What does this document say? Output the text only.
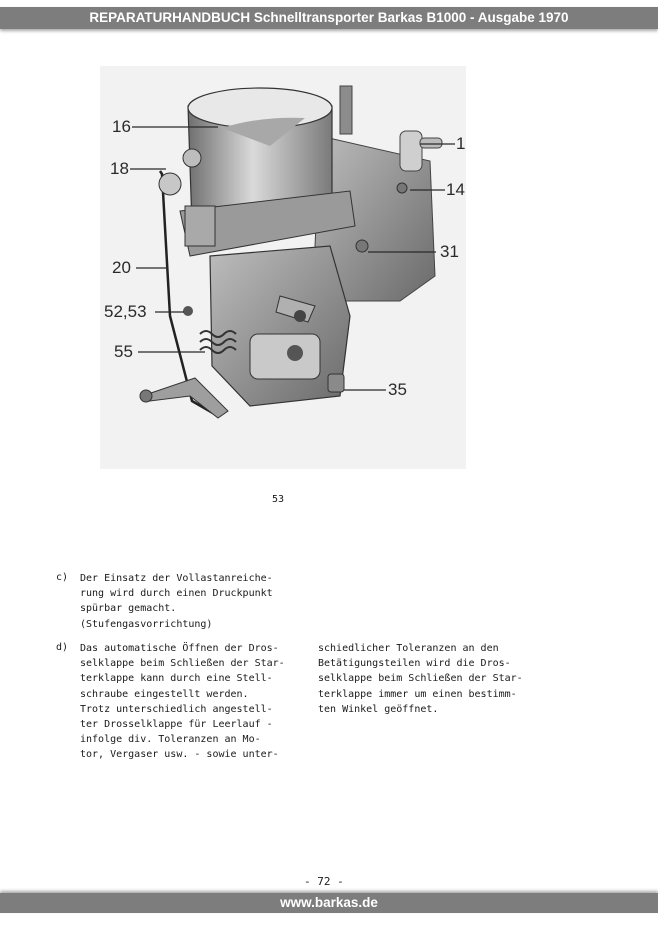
REPARATURHANDBUCH Schnelltransporter Barkas B1000 - Ausgabe 1970
16
18
20
52,53
55
1
14
31
35
53
c) Der Einsatz der Vollastanreiche-
rung wird durch einen Druckpunkt
spürbar gemacht.
(Stufengasvorrichtung)
d) Das automatische Öffnen der Dros-
selklappe beim Schließen der Star-
terklappe kann durch eine Stell-
schraube eingestellt werden.
Trotz unterschiedlich angestell-
ter Drosselklappe für Leerlauf -
infolge div. Toleranzen an Mo-
tor, Vergaser usw. - sowie unter-
schiedlicher Toleranzen an den
Betätigungsteilen wird die Dros-
selklappe beim Schließen der Star-
terklappe immer um einen bestimm-
ten Winkel geöffnet.
- 72 -
www.barkas.de
